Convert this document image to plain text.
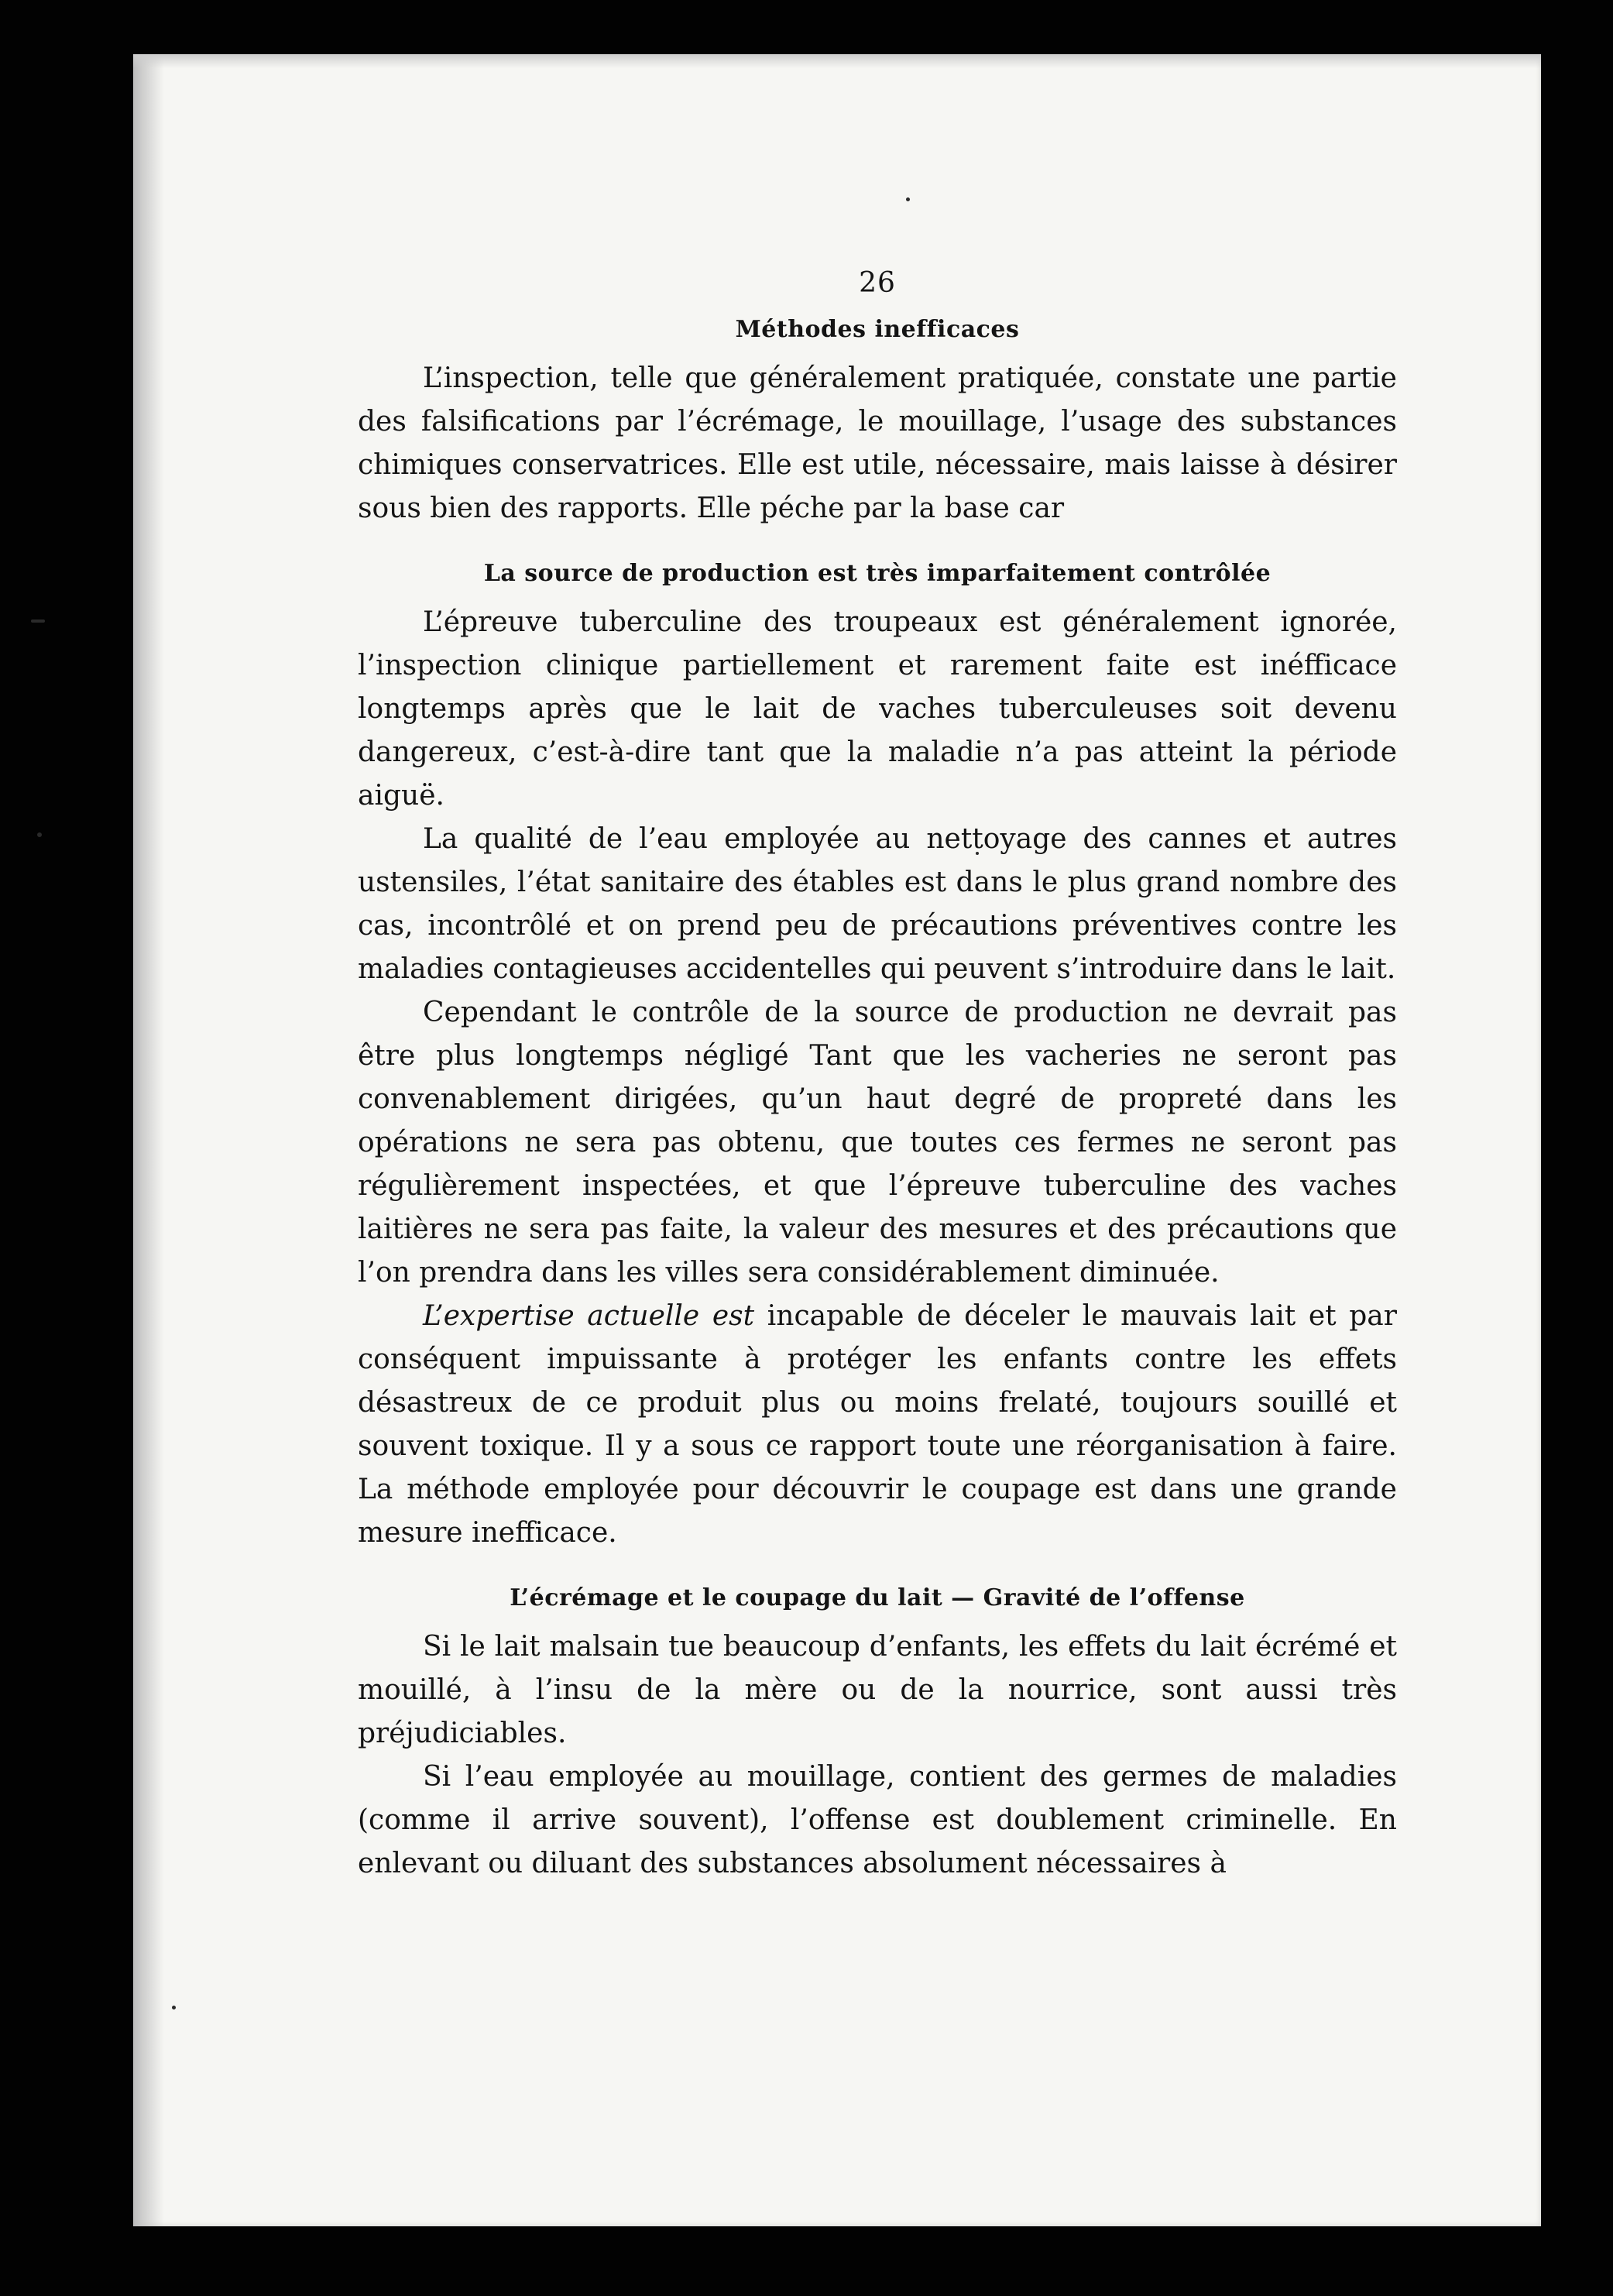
26
Méthodes inefficaces

L’inspection, telle que généralement pratiquée, constate une partie des falsifications par l’écrémage, le mouillage, l’usage des substances chimiques conservatrices. Elle est utile, nécessaire, mais laisse à désirer sous bien des rapports. Elle péche par la base car

La source de production est très imparfaitement contrôlée

L’épreuve tuberculine des troupeaux est généralement ignorée, l’inspection clinique partiellement et rarement faite est inéfficace longtemps après que le lait de vaches tuberculeuses soit devenu dangereux, c’est-à-dire tant que la maladie n’a pas atteint la période aiguë.

La qualité de l’eau employée au nettoyage des cannes et autres ustensiles, l’état sanitaire des étables est dans le plus grand nombre des cas, incontrôlé et on prend peu de précautions préventives contre les maladies contagieuses accidentelles qui peuvent s’introduire dans le lait.

Cependant le contrôle de la source de production ne devrait pas être plus longtemps négligé Tant que les vacheries ne seront pas convenablement dirigées, qu’un haut degré de propreté dans les opérations ne sera pas obtenu, que toutes ces fermes ne seront pas régulièrement inspectées, et que l’épreuve tuberculine des vaches laitières ne sera pas faite, la valeur des mesures et des précautions que l’on prendra dans les villes sera considérablement diminuée.

L’expertise actuelle est incapable de déceler le mauvais lait et par conséquent impuissante à protéger les enfants contre les effets désastreux de ce produit plus ou moins frelaté, toujours souillé et souvent toxique. Il y a sous ce rapport toute une réorganisation à faire. La méthode employée pour découvrir le coupage est dans une grande mesure inefficace.

L’écrémage et le coupage du lait — Gravité de l’offense

Si le lait malsain tue beaucoup d’enfants, les effets du lait écrémé et mouillé, à l’insu de la mère ou de la nourrice, sont aussi très préjudiciables.

Si l’eau employée au mouillage, contient des germes de maladies (comme il arrive souvent), l’offense est doublement criminelle. En enlevant ou diluant des substances absolument nécessaires à
